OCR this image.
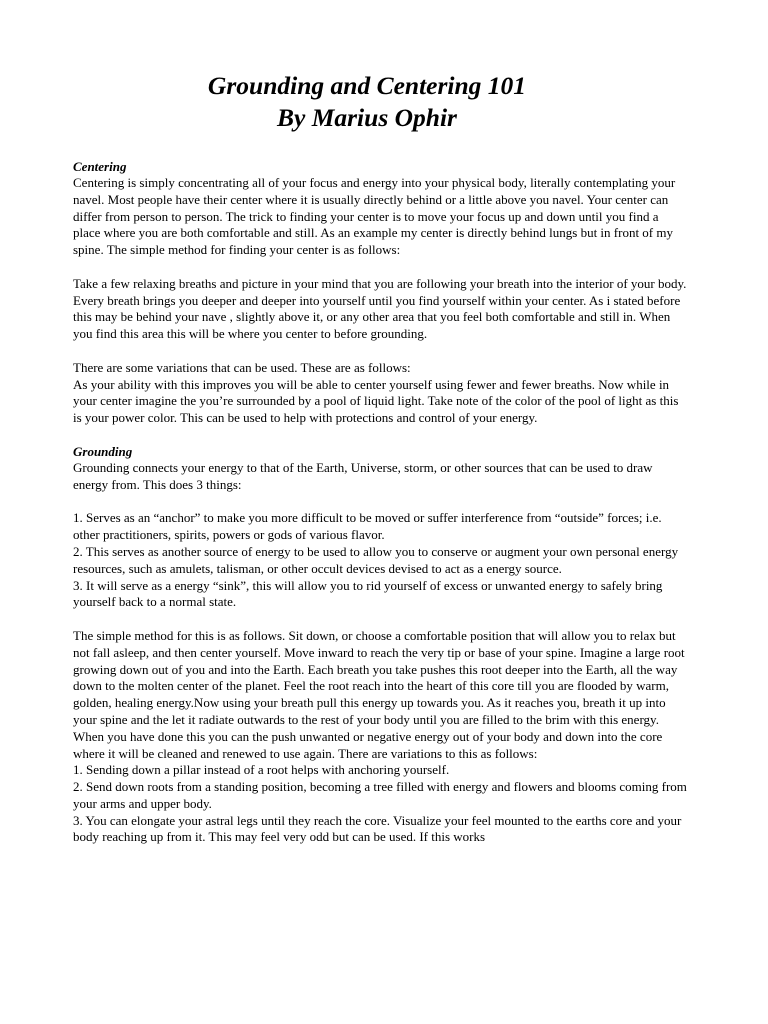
Grounding and Centering 101

By Marius Ophir

Centering

Centering is simply concentrating all of your focus and energy into your physical body, literally contemplating your navel. Most people have their center where it is usually directly behind or a little above you navel. Your center can differ from person to person. The trick to finding your center is to move your focus up and down until you find a place where you are both comfortable and still. As an example my center is directly behind lungs but in front of my spine. The simple method for finding your center is as follows:

Take a few relaxing breaths and picture in your mind that you are following your breath into the interior of your body. Every breath brings you deeper and deeper into yourself until you find yourself within your center. As i stated before this may be behind your nave , slightly above it, or any other area that you feel both comfortable and still in. When you find this area this will be where you center to before grounding.

There are some variations that can be used. These are as follows:

As your ability with this improves you will be able to center yourself using fewer and fewer breaths. Now while in your center imagine the you’re surrounded by a pool of liquid light. Take note of the color of the pool of light as this is your power color. This can be used to help with protections and control of your energy.

Grounding

Grounding connects your energy to that of the Earth, Universe, storm, or other sources that can be used to draw energy from. This does 3 things:

1. Serves as an “anchor” to make you more difficult to be moved or suffer interference from “outside” forces; i.e. other practitioners, spirits, powers or gods of various flavor.

2. This serves as another source of energy to be used to allow you to conserve or augment your own personal energy resources, such as amulets, talisman, or other occult devices devised to act as a energy source.

3. It will serve as a energy “sink”, this will allow you to rid yourself of excess or unwanted energy to safely bring yourself back to a normal state.

The simple method for this is as follows. Sit down, or choose a comfortable position that will allow you to relax but not fall asleep, and then center yourself. Move inward to reach the very tip or base of your spine. Imagine a large root growing down out of you and into the Earth. Each breath you take pushes this root deeper into the Earth, all the way down to the molten center of the planet. Feel the root reach into the heart of this core till you are flooded by warm, golden, healing energy.Now using your breath pull this energy up towards you. As it reaches you, breath it up into your spine and the let it radiate outwards to the rest of your body until you are filled to the brim with this energy. When you have done this you can the push unwanted or negative energy out of your body and down into the core where it will be cleaned and renewed to use again. There are variations to this as follows:

1. Sending down a pillar instead of a root helps with anchoring yourself.

2. Send down roots from a standing position, becoming a tree filled with energy and flowers and blooms coming from your arms and upper body.

3. You can elongate your astral legs until they reach the core. Visualize your feel mounted to the earths core and your body reaching up from it. This may feel very odd but can be used. If this works
